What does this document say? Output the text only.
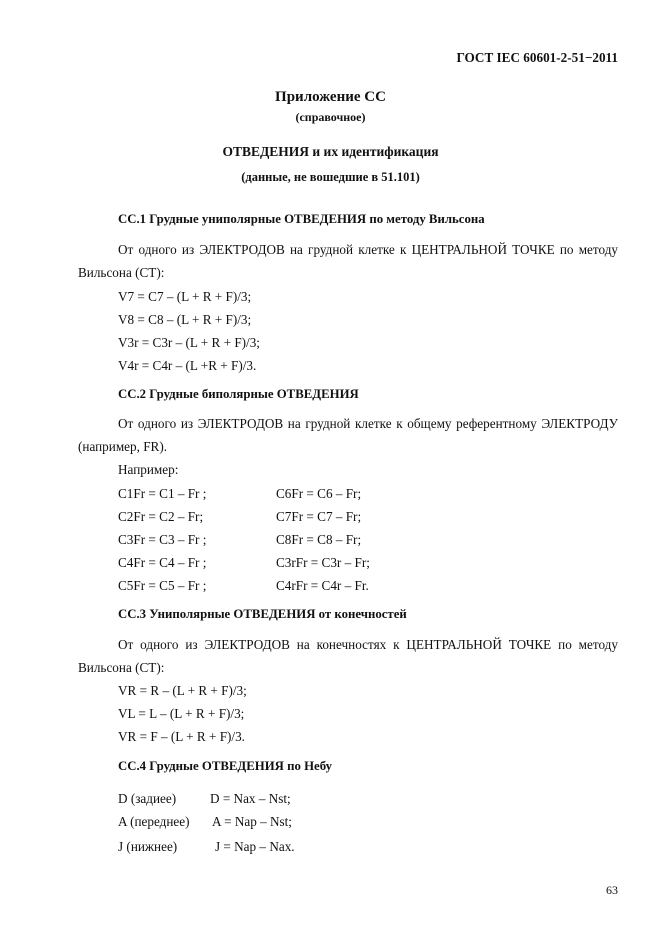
ГОСТ IEC 60601-2-51−2011
Приложение СС
(справочное)
ОТВЕДЕНИЯ и их идентификация
(данные, не вошедшие в 51.101)
СС.1 Грудные униполярные ОТВЕДЕНИЯ по методу Вильсона
От одного из ЭЛЕКТРОДОВ на грудной клетке к ЦЕНТРАЛЬНОЙ ТОЧКЕ по методу
Вильсона (СТ):
V7 = C7 – (L + R + F)/3;
V8 = C8 – (L + R + F)/3;
V3r = C3r – (L + R + F)/3;
V4r = C4r – (L +R + F)/3.
СС.2 Грудные биполярные ОТВЕДЕНИЯ
От одного из ЭЛЕКТРОДОВ на грудной клетке к общему референтному ЭЛЕКТРОДУ
(например, FR).
Например:
C1Fr = C1 – Fr ;	C6Fr = C6 – Fr;
C2Fr = C2 – Fr;	C7Fr = C7 – Fr;
C3Fr = C3 – Fr ;	C8Fr = C8 – Fr;
C4Fr = C4 – Fr ;	C3rFr = C3r – Fr;
C5Fr = C5 – Fr ;	C4rFr = C4r – Fr.
СС.3 Униполярные ОТВЕДЕНИЯ от конечностей
От одного из ЭЛЕКТРОДОВ на конечностях к ЦЕНТРАЛЬНОЙ ТОЧКЕ по методу
Вильсона (СТ):
VR = R – (L + R + F)/3;
VL = L – (L + R + F)/3;
VR = F – (L + R + F)/3.
СС.4 Грудные ОТВЕДЕНИЯ по Небу
D (задиее)	D = Nax – Nst;
A (переднее) A = Nap – Nst;
J (нижнее)	J = Nap – Nax.
63
